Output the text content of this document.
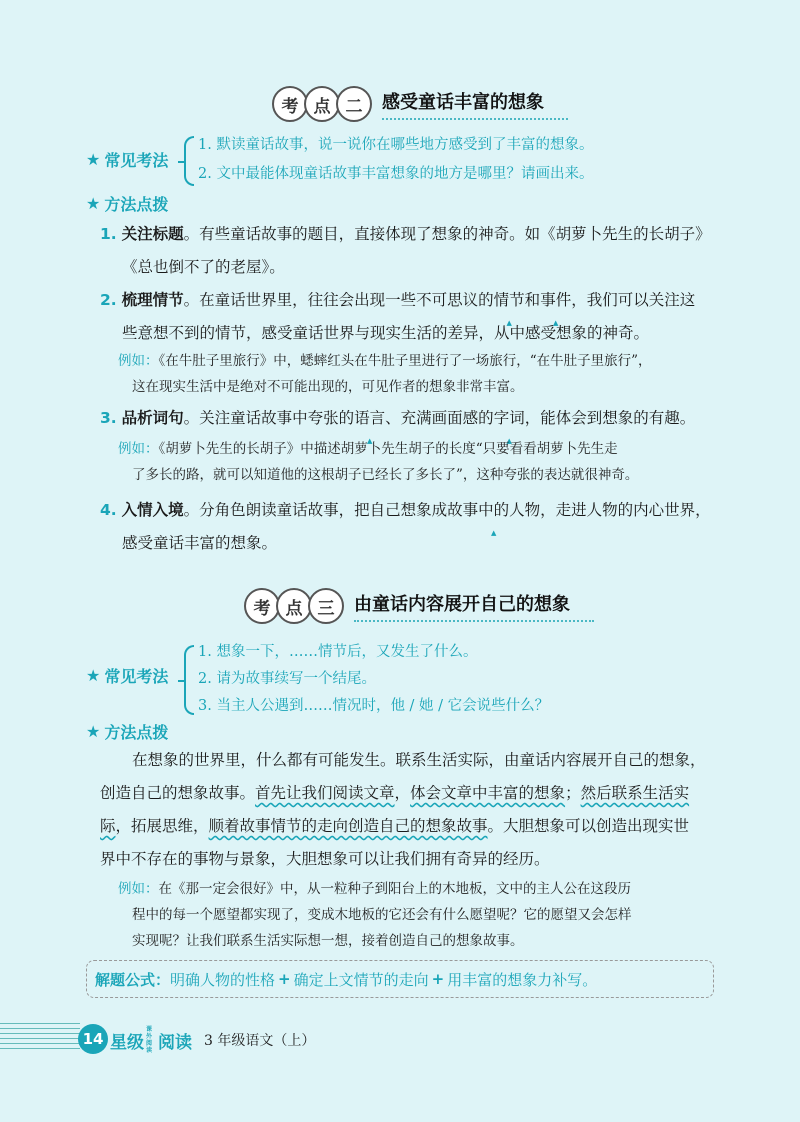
考 点 二	感受童话丰富的想象
★ 常见考法
1. 默读童话故事，说一说你在哪些地方感受到了丰富的想象。
2. 文中最能体现童话故事丰富想象的地方是哪里？请画出来。
★ 方法点拨
1. 关注标题。有些童话故事的题目，直接体现了想象的神奇。如《胡萝卜先生的长胡子》
《总也倒不了的老屋》。
2. 梳理情节。在童话世界里，往往会出现一些不可思议的情节 ▲和事件 ▲，我们可以关注这
些意想不到的情节，感受童话世界与现实生活的差异，从中感受想象的神奇。
例如：《在牛肚子里旅行》中，蟋蟀红头在牛肚子里进行了一场旅行，“在牛肚子里旅行”，
这在现实生活中是绝对不可能出现的，可见作者的想象非常丰富。
3. 品析词句。关注童话故事中夸张的语言 ▲、充满画面感的字词 ▲，能体会到想象的有趣。
例如：《胡萝卜先生的长胡子》中描述胡萝卜先生胡子的长度“只要看看胡萝卜先生走
了多长的路，就可以知道他的这根胡子已经长了多长了”，这种夸张的表达就很神奇。
4. 入情入境。分角色朗读童话故事，把自己想象成故事中的人物 ▲，走进人物的内心世界，
感受童话丰富的想象。
考 点 三	由童话内容展开自己的想象
★ 常见考法
1. 想象一下，……情节后，又发生了什么。
2. 请为故事续写一个结尾。
3. 当主人公遇到……情况时，他 / 她 / 它会说些什么？
★ 方法点拨
在想象的世界里，什么都有可能发生。联系生活实际，由童话内容展开自己的想象，
创造自己的想象故事。首先让我们阅读文章，体会文章中丰富的想象；然后联系生活实
际，拓展思维，顺着故事情节的走向创造自己的想象故事。大胆想象可以创造出现实世
界中不存在的事物与景象，大胆想象可以让我们拥有奇异的经历。
例如：在《那一定会很好》中，从一粒种子到阳台上的木地板，文中的主人公在这段历
程中的每一个愿望都实现了，变成木地板的它还会有什么愿望呢？它的愿望又会怎样
实现呢？让我们联系生活实际想一想，接着创造自己的想象故事。
解题公式： 明确人物的性格 + 确定上文情节的走向 + 用丰富的想象力补写。
14 星级
课外阅读 阅读 3 年级语文（上）
